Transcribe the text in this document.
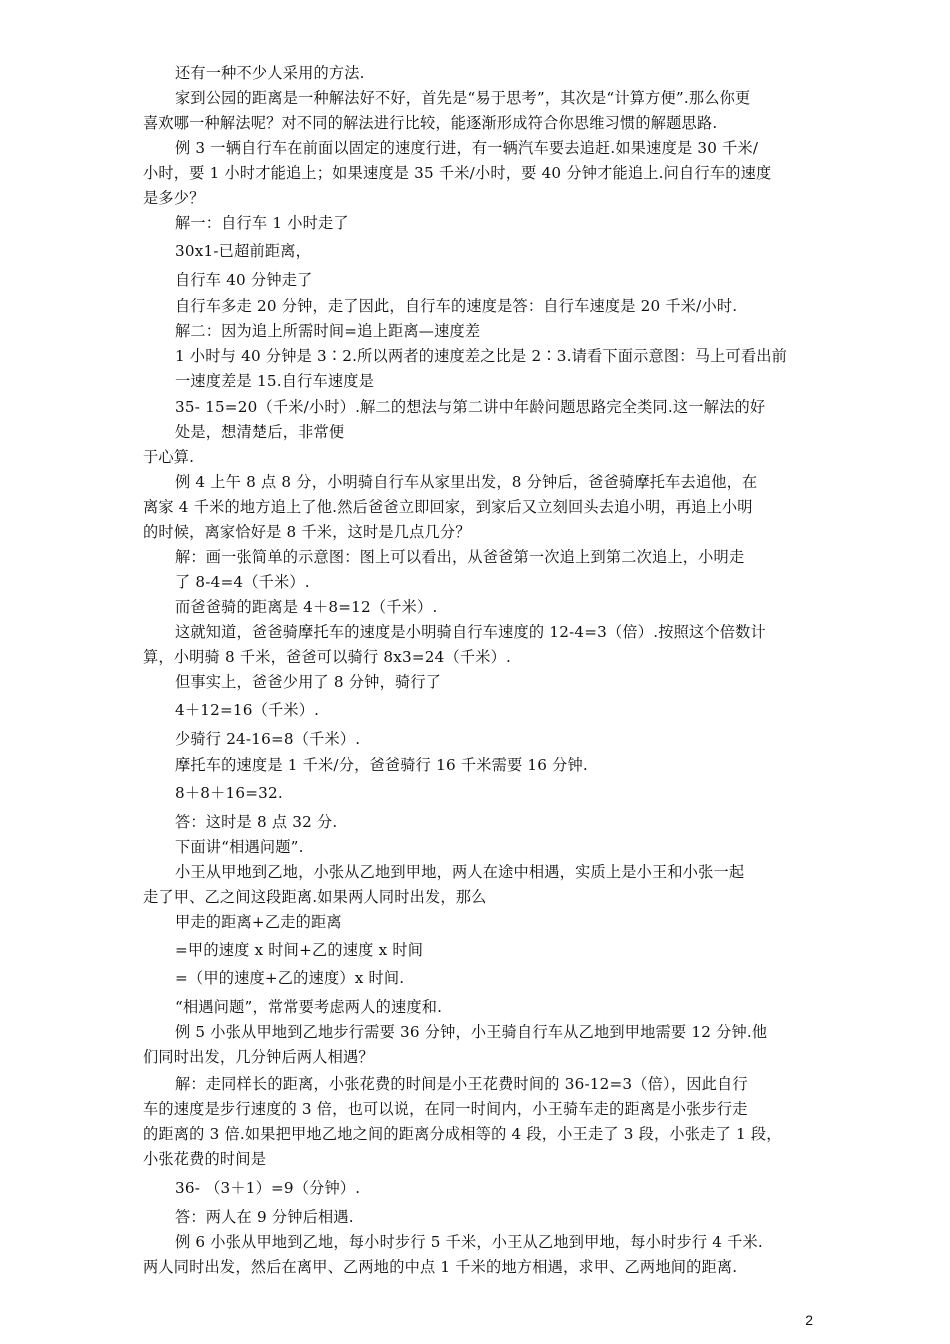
还有一种不少人采用的方法.

家到公园的距离是一种解法好不好，首先是“易于思考”，其次是“计算方便”.那么你更

喜欢哪一种解法呢？对不同的解法进行比较，能逐渐形成符合你思维习惯的解题思路.

例 3 一辆自行车在前面以固定的速度行进，有一辆汽车要去追赶.如果速度是 30 千米/

小时，要 1 小时才能追上；如果速度是 35 千米/小时，要 40 分钟才能追上.问自行车的速度

是多少？

解一：自行车 1 小时走了

30x1-已超前距离，

自行车 40 分钟走了

自行车多走 20 分钟，走了因此，自行车的速度是答：自行车速度是 20 千米/小时.

解二：因为追上所需时间=追上距离—速度差

1 小时与 40 分钟是 3∶2.所以两者的速度差之比是 2∶3.请看下面示意图：马上可看出前

一速度差是 15.自行车速度是

35- 15=20（千米/小时）.解二的想法与第二讲中年龄问题思路完全类同.这一解法的好

处是，想清楚后，非常便

于心算.

例 4 上午 8 点 8 分，小明骑自行车从家里出发，8 分钟后，爸爸骑摩托车去追他，在

离家 4 千米的地方追上了他.然后爸爸立即回家，到家后又立刻回头去追小明，再追上小明

的时候，离家恰好是 8 千米，这时是几点几分？

解：画一张简单的示意图：图上可以看出，从爸爸第一次追上到第二次追上，小明走

了 8-4=4（千米）.

而爸爸骑的距离是 4＋8=12（千米）.

这就知道，爸爸骑摩托车的速度是小明骑自行车速度的 12-4=3（倍）.按照这个倍数计

算，小明骑 8 千米，爸爸可以骑行 8x3=24（千米）.

但事实上，爸爸少用了 8 分钟，骑行了

4＋12=16（千米）.

少骑行 24-16=8（千米）.

摩托车的速度是 1 千米/分，爸爸骑行 16 千米需要 16 分钟.

8＋8＋16=32.

答：这时是 8 点 32 分.

下面讲“相遇问题”.

小王从甲地到乙地，小张从乙地到甲地，两人在途中相遇，实质上是小王和小张一起

走了甲、乙之间这段距离.如果两人同时出发，那么

甲走的距离+乙走的距离

=甲的速度 x 时间+乙的速度 x 时间

=（甲的速度+乙的速度）x 时间.

“相遇问题”，常常要考虑两人的速度和.

例 5 小张从甲地到乙地步行需要 36 分钟，小王骑自行车从乙地到甲地需要 12 分钟.他

们同时出发，几分钟后两人相遇？

解：走同样长的距离，小张花费的时间是小王花费时间的 36-12=3（倍），因此自行

车的速度是步行速度的 3 倍，也可以说，在同一时间内，小王骑车走的距离是小张步行走

的距离的 3 倍.如果把甲地乙地之间的距离分成相等的 4 段，小王走了 3 段，小张走了 1 段，

小张花费的时间是

36- （3＋1）=9（分钟）.

答：两人在 9 分钟后相遇.

例 6 小张从甲地到乙地，每小时步行 5 千米，小王从乙地到甲地，每小时步行 4 千米.

两人同时出发，然后在离甲、乙两地的中点 1 千米的地方相遇，求甲、乙两地间的距离.

2
